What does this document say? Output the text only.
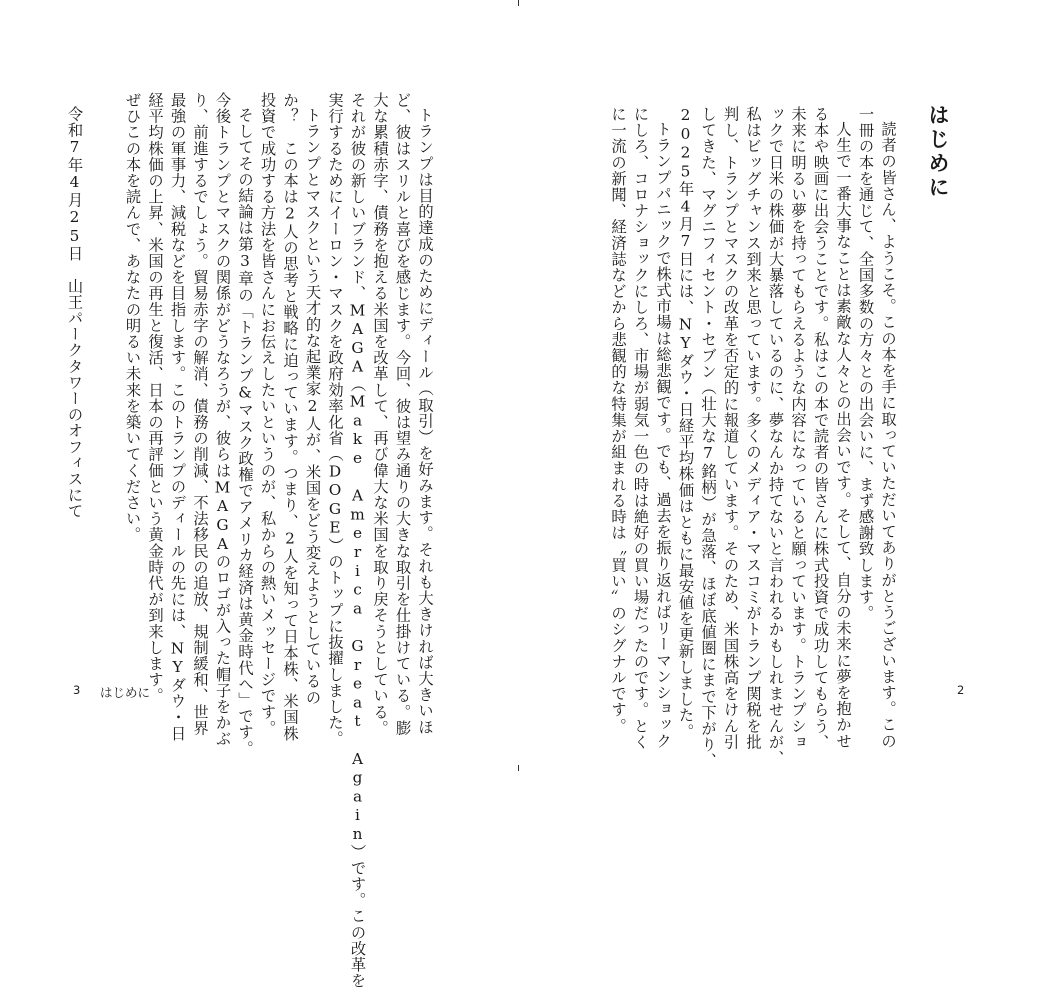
はじめに

読者の皆さん、ようこそ。この本を手に取っていただいてありがとうございます。この

一冊の本を通じて、全国多数の方々との出会いに、まず感謝致します。

人生で一番大事なことは素敵な人々との出会いです。そして、自分の未来に夢を抱かせ

る本や映画に出会うことです。私はこの本で読者の皆さんに株式投資で成功してもらう、

未来に明るい夢を持ってもらえるような内容になっていると願っています。トランプショ

ックで日米の株価が大暴落しているのに、夢なんか持てないと言われるかもしれませんが、

私はビッグチャンス到来と思っています。多くのメディア・マスコミがトランプ関税を批

判し、トランプとマスクの改革を否定的に報道しています。そのため、米国株高をけん引

してきた、マグニフィセント・セブン（壮大な7銘柄）が急落、ほぼ底値圏にまで下がり、

2025年4月7日には、NYダウ・日経平均株価はともに最安値を更新しました。

トランプパニックで株式市場は総悲観です。でも、過去を振り返ればリーマンショック

にしろ、コロナショックにしろ、市場が弱気一色の時は絶好の買い場だったのです。とく

に一流の新聞、経済誌などから悲観的な特集が組まれる時は〝買い〟のシグナルです。	2

トランプは目的達成のためにディール（取引）を好みます。それも大きければ大きいほ

ど、彼はスリルと喜びを感じます。今回、彼は望み通りの大きな取引を仕掛けている。膨

大な累積赤字、債務を抱える米国を改革して、再び偉大な米国を取り戻そうとしている。

それが彼の新しいブランド、MAGA（Make America Great Again）です。この改革を

実行するためにイーロン・マスクを政府効率化省（DOGE）のトップに抜擢しました。

トランプとマスクという天才的な起業家2人が、米国をどう変えようとしているの

か？　この本は2人の思考と戦略に迫っています。つまり、2人を知って日本株、米国株

投資で成功する方法を皆さんにお伝えしたいというのが、私からの熱いメッセージです。

そしてその結論は第3章の「トランプ&マスク政権でアメリカ経済は黄金時代へ」です。

今後トランプとマスクの関係がどうなろうが、彼らはMAGAのロゴが入った帽子をかぶ

り、前進するでしょう。貿易赤字の解消、債務の削減、不法移民の追放、規制緩和、世界

最強の軍事力、減税などを目指します。このトランプのディールの先には、NYダウ・日

経平均株価の上昇、米国の再生と復活、日本の再評価という黄金時代が到来します。

ぜひこの本を読んで、あなたの明るい未来を築いてください。

令和7年4月25日　山王パークタワーのオフィスにて

3 はじめに
